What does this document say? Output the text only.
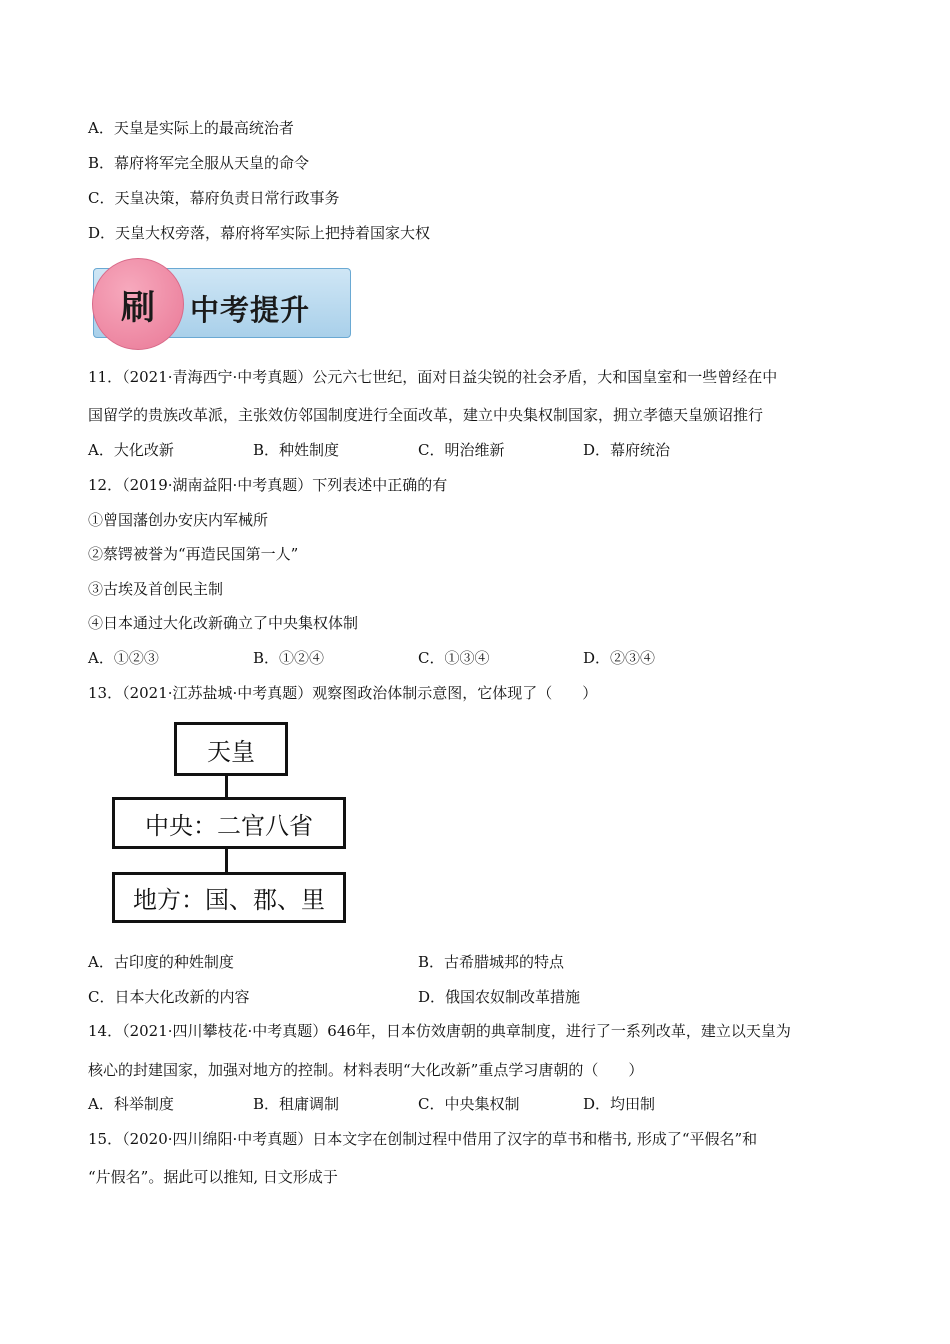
A．天皇是实际上的最高统治者
B．幕府将军完全服从天皇的命令
C．天皇决策，幕府负责日常行政事务
D．天皇大权旁落，幕府将军实际上把持着国家大权
刷	中考提升
11．（2021·青海西宁·中考真题）公元六七世纪，面对日益尖锐的社会矛盾，大和国皇室和一些曾经在中
国留学的贵族改革派，主张效仿邻国制度进行全面改革，建立中央集权制国家，拥立孝德天皇颁诏推行
A．大化改新	B．种姓制度	C．明治维新	D．幕府统治
12．（2019·湖南益阳·中考真题）下列表述中正确的有
①曾国藩创办安庆内军械所
②蔡锷被誉为“再造民国第一人”
③古埃及首创民主制
④日本通过大化改新确立了中央集权体制
A．①②③	B．①②④	C．①③④	D．②③④
13．（2021·江苏盐城·中考真题）观察图政治体制示意图，它体现了（　　）
天皇
中央：二官八省
地方：国、郡、里
A．古印度的种姓制度	B．古希腊城邦的特点
C．日本大化改新的内容	D．俄国农奴制改革措施
14．（2021·四川攀枝花·中考真题）646年，日本仿效唐朝的典章制度，进行了一系列改革，建立以天皇为
核心的封建国家，加强对地方的控制。材料表明“大化改新”重点学习唐朝的（　　）
A．科举制度	B．租庸调制	C．中央集权制	D．均田制
15．（2020·四川绵阳·中考真题）日本文字在创制过程中借用了汉字的草书和楷书, 形成了“平假名”和
“片假名”。据此可以推知, 日文形成于
